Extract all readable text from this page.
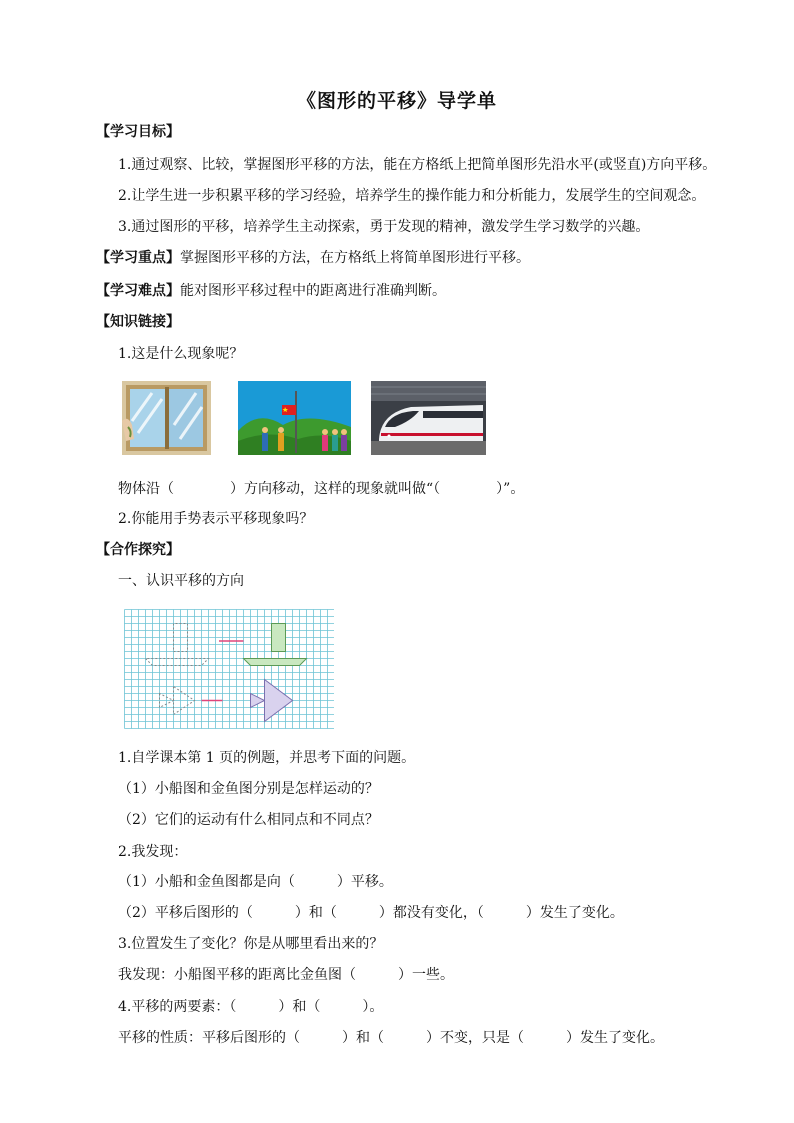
《图形的平移》导学单
【学习目标】
1.通过观察、比较，掌握图形平移的方法，能在方格纸上把简单图形先沿水平(或竖直)方向平移。
2.让学生进一步积累平移的学习经验，培养学生的操作能力和分析能力，发展学生的空间观念。
3.通过图形的平移，培养学生主动探索，勇于发现的精神，激发学生学习数学的兴趣。
【学习重点】掌握图形平移的方法，在方格纸上将简单图形进行平移。
【学习难点】能对图形平移过程中的距离进行准确判断。
【知识链接】
1.这是什么现象呢？
物体沿（　　　　）方向移动，这样的现象就叫做“（　　　　）”。
2.你能用手势表示平移现象吗？
【合作探究】
一、认识平移的方向
1.自学课本第 1 页的例题，并思考下面的问题。
（1）小船图和金鱼图分别是怎样运动的？
（2）它们的运动有什么相同点和不同点？
2.我发现：
（1）小船和金鱼图都是向（　　　）平移。
（2）平移后图形的（　　　）和（　　　）都没有变化，（　　　）发生了变化。
3.位置发生了变化？你是从哪里看出来的？
我发现：小船图平移的距离比金鱼图（　　　）一些。
4.平移的两要素：（　　　）和（　　　）。
平移的性质：平移后图形的（　　　）和（　　　）不变，只是（　　　）发生了变化。
